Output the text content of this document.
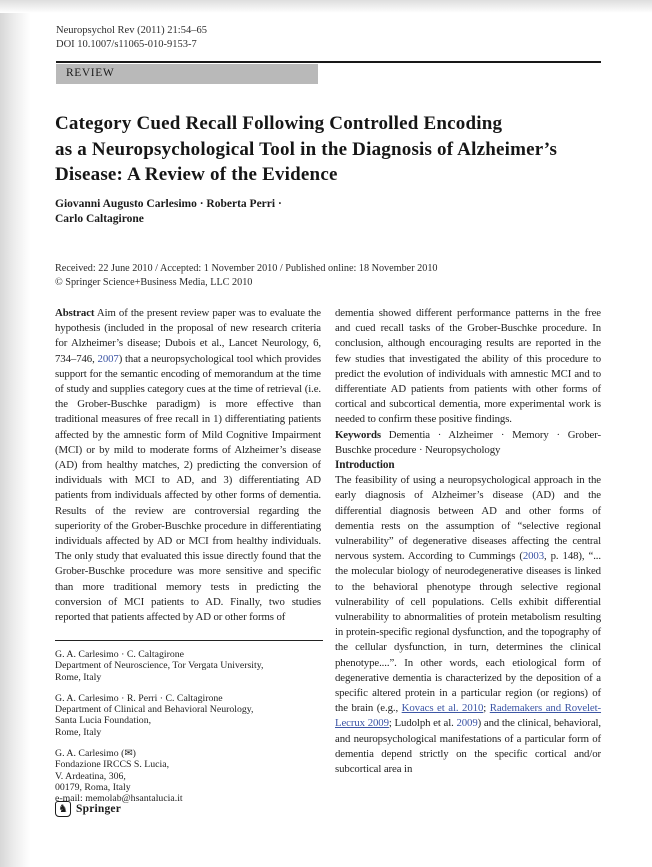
Neuropsychol Rev (2011) 21:54–65
DOI 10.1007/s11065-010-9153-7
REVIEW
Category Cued Recall Following Controlled Encoding
as a Neuropsychological Tool in the Diagnosis of Alzheimer’s
Disease: A Review of the Evidence
Giovanni Augusto Carlesimo · Roberta Perri ·
Carlo Caltagirone
Received: 22 June 2010 / Accepted: 1 November 2010 / Published online: 18 November 2010
© Springer Science+Business Media, LLC 2010

Abstract Aim of the present review paper was to evaluate the hypothesis (included in the proposal of new research criteria for Alzheimer’s disease; Dubois et al., Lancet Neurology, 6, 734–746, 2007) that a neuropsychological tool which provides support for the semantic encoding of memorandum at the time of study and supplies category cues at the time of retrieval (i.e. the Grober-Buschke paradigm) is more effective than traditional measures of free recall in 1) differentiating patients affected by the amnestic form of Mild Cognitive Impairment (MCI) or by mild to moderate forms of Alzheimer’s disease (AD) from healthy matches, 2) predicting the conversion of individuals with MCI to AD, and 3) differentiating AD patients from individuals affected by other forms of dementia. Results of the review are controversial regarding the superiority of the Grober-Buschke procedure in differentiating individuals affected by AD or MCI from healthy individuals. The only study that evaluated this issue directly found that the Grober-Buschke procedure was more sensitive and specific than more traditional memory tests in predicting the conversion of MCI patients to AD. Finally, two studies reported that patients affected by AD or other forms of

dementia showed different performance patterns in the free and cued recall tasks of the Grober-Buschke procedure. In conclusion, although encouraging results are reported in the few studies that investigated the ability of this procedure to predict the evolution of individuals with amnestic MCI and to differentiate AD patients from patients with other forms of cortical and subcortical dementia, more experimental work is needed to confirm these positive findings.

Keywords Dementia · Alzheimer · Memory · Grober-Buschke procedure · Neuropsychology

Introduction

The feasibility of using a neuropsychological approach in the early diagnosis of Alzheimer’s disease (AD) and the differential diagnosis between AD and other forms of dementia rests on the assumption of “selective regional vulnerability” of degenerative diseases affecting the central nervous system. According to Cummings (2003, p. 148), “... the molecular biology of neurodegenerative diseases is linked to the behavioral phenotype through selective regional vulnerability of cell populations. Cells exhibit differential vulnerability to abnormalities of protein metabolism resulting in protein-specific regional dysfunction, and the topography of the cellular dysfunction, in turn, determines the clinical phenotype....”. In other words, each etiological form of degenerative dementia is characterized by the deposition of a specific altered protein in a particular region (or regions) of the brain (e.g., Kovacs et al. 2010; Rademakers and Rovelet-Lecrux 2009; Ludolph et al. 2009) and the clinical, behavioral, and neuropsychological manifestations of a particular form of dementia depend strictly on the specific cortical and/or subcortical area in

G. A. Carlesimo · C. Caltagirone
Department of Neuroscience, Tor Vergata University,
Rome, Italy
G. A. Carlesimo · R. Perri · C. Caltagirone
Department of Clinical and Behavioral Neurology,
Santa Lucia Foundation,
Rome, Italy
G. A. Carlesimo (✉)
Fondazione IRCCS S. Lucia,
V. Ardeatina, 306,
00179, Roma, Italy
e-mail: memolab@hsantalucia.it
♞ Springer
